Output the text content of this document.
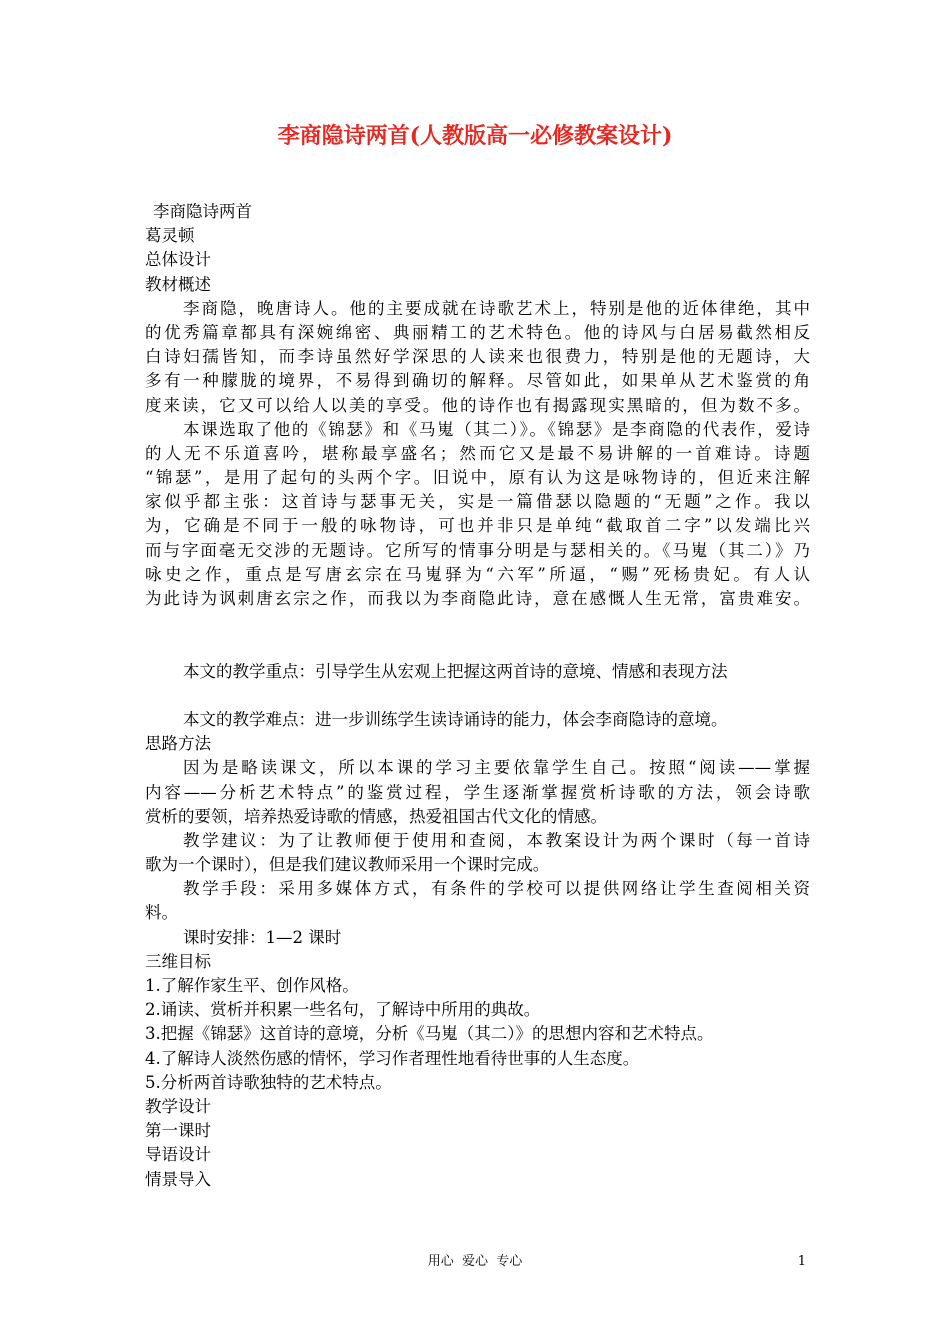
李商隐诗两首(人教版高一必修教案设计)
李商隐诗两首
葛灵顿
总体设计
教材概述
李商隐，晚唐诗人。他的主要成就在诗歌艺术上，特别是他的近体律绝，其中
的优秀篇章都具有深婉绵密、典丽精工的艺术特色。他的诗风与白居易截然相反
白诗妇孺皆知，而李诗虽然好学深思的人读来也很费力，特别是他的无题诗，大
多有一种朦胧的境界，不易得到确切的解释。尽管如此，如果单从艺术鉴赏的角
度来读，它又可以给人以美的享受。他的诗作也有揭露现实黑暗的，但为数不多。
本课选取了他的《锦瑟》和《马嵬（其二）》。《锦瑟》是李商隐的代表作，爱诗
的人无不乐道喜吟，堪称最享盛名；然而它又是最不易讲解的一首难诗。诗题
“锦瑟”，是用了起句的头两个字。旧说中，原有认为这是咏物诗的，但近来注解
家似乎都主张：这首诗与瑟事无关，实是一篇借瑟以隐题的“无题”之作。我以
为，它确是不同于一般的咏物诗，可也并非只是单纯“截取首二字”以发端比兴
而与字面毫无交涉的无题诗。它所写的情事分明是与瑟相关的。《马嵬（其二）》乃
咏史之作，重点是写唐玄宗在马嵬驿为“六军”所逼，“赐”死杨贵妃。有人认
为此诗为讽刺唐玄宗之作，而我以为李商隐此诗，意在感慨人生无常，富贵难安。
本文的教学重点：引导学生从宏观上把握这两首诗的意境、情感和表现方法
本文的教学难点：进一步训练学生读诗诵诗的能力，体会李商隐诗的意境。
思路方法
因为是略读课文，所以本课的学习主要依靠学生自己。按照“阅读——掌握
内容——分析艺术特点”的鉴赏过程，学生逐渐掌握赏析诗歌的方法，领会诗歌
赏析的要领，培养热爱诗歌的情感，热爱祖国古代文化的情感。
教学建议：为了让教师便于使用和查阅，本教案设计为两个课时（每一首诗
歌为一个课时），但是我们建议教师采用一个课时完成。
教学手段：采用多媒体方式，有条件的学校可以提供网络让学生查阅相关资
料。
课时安排：1—2 课时
三维目标
1.了解作家生平、创作风格。
2.诵读、赏析并积累一些名句，了解诗中所用的典故。
3.把握《锦瑟》这首诗的意境，分析《马嵬（其二）》的思想内容和艺术特点。
4.了解诗人淡然伤感的情怀，学习作者理性地看待世事的人生态度。
5.分析两首诗歌独特的艺术特点。
教学设计
第一课时
导语设计
情景导入
用心  爱心  专心	1
